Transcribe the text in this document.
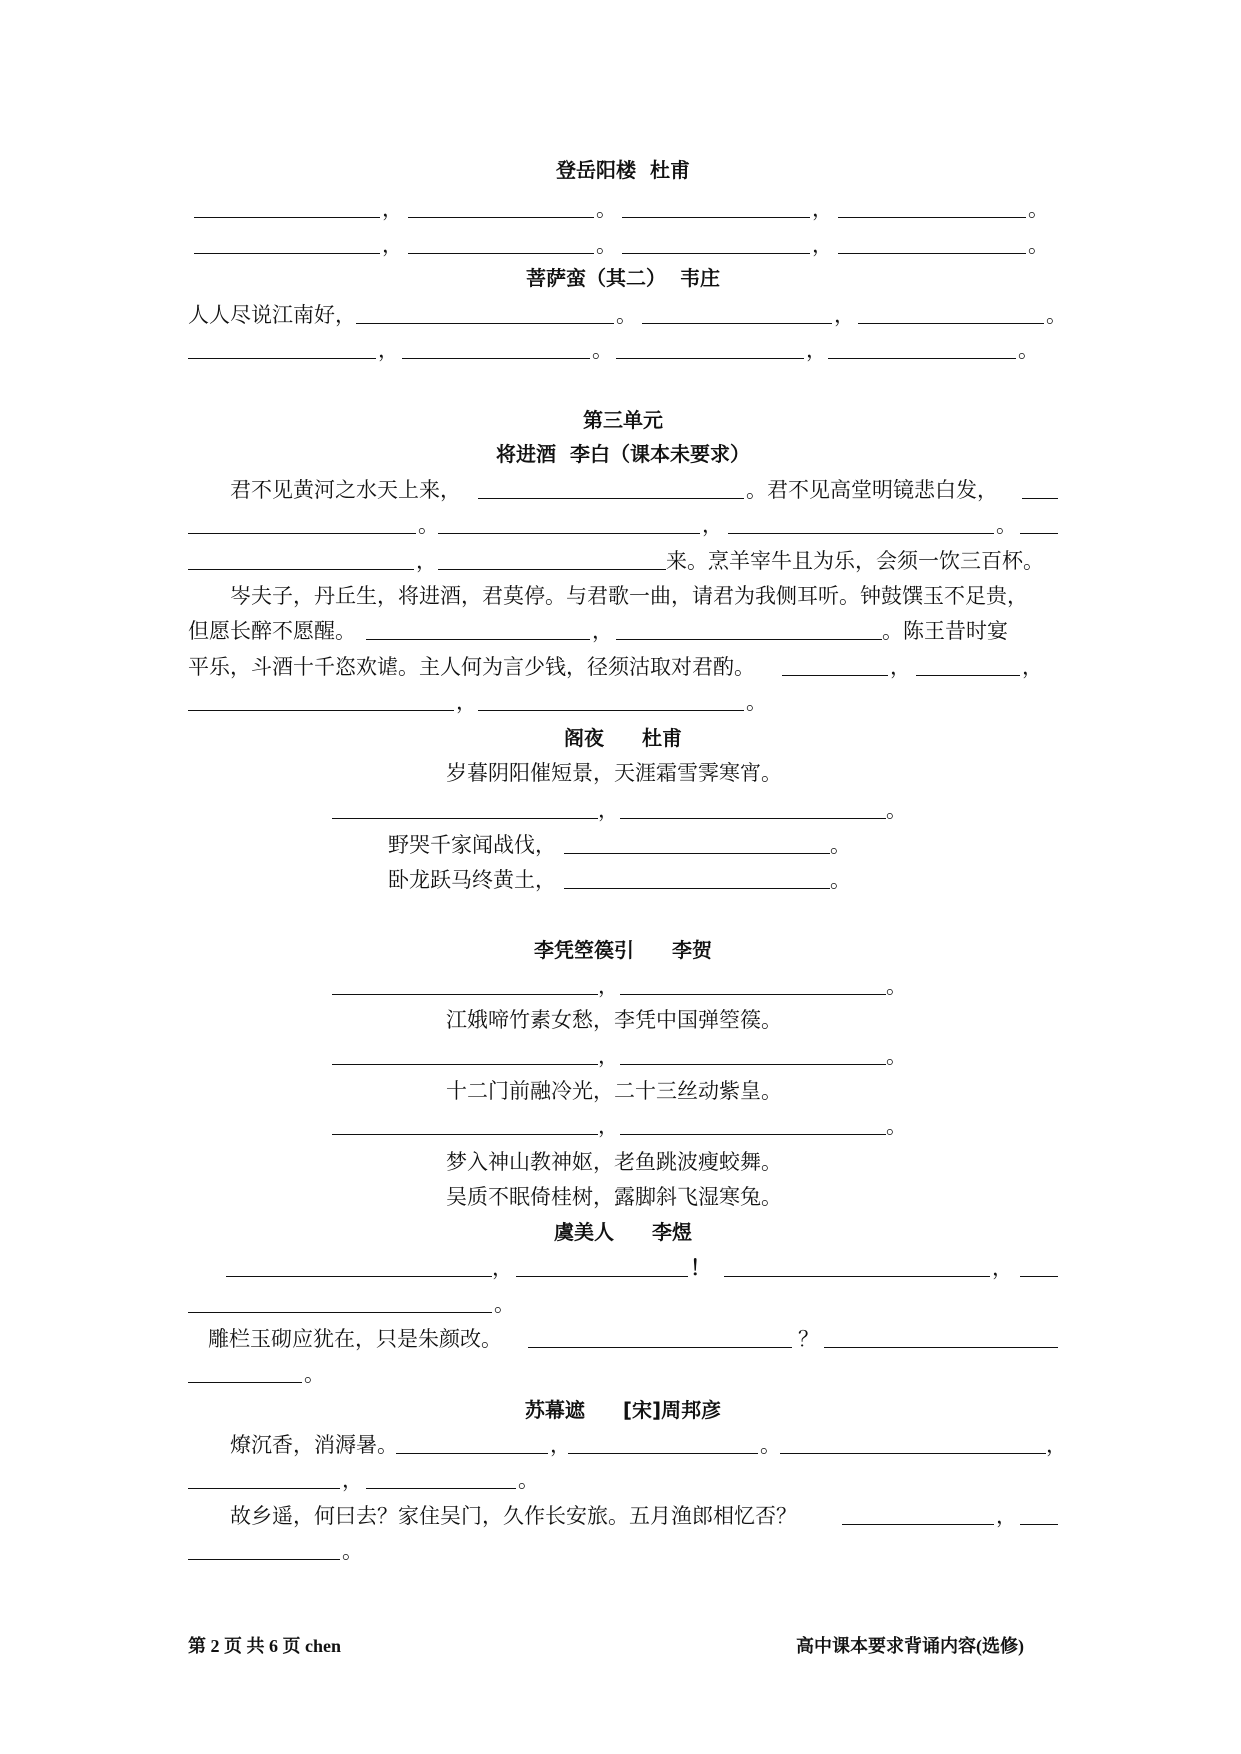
登岳阳楼 杜甫
，	。	，	。
，	。	，	。
菩萨蛮（其二） 韦庄
人人尽说江南好，	。	，	。
，	。	，	。
第三单元
将进酒 李白（课本未要求）
君不见黄河之水天上来，	。君不见高堂明镜悲白发，
。	，	。
，	来。烹羊宰牛且为乐，会须一饮三百杯。
岑夫子，丹丘生，将进酒，君莫停。与君歌一曲，请君为我侧耳听。钟鼓馔玉不足贵，
但愿长醉不愿醒。	，	。陈王昔时宴
平乐，斗酒十千恣欢谑。主人何为言少钱，径须沽取对君酌。	，	，
，	。
阁夜 杜甫
岁暮阴阳催短景，天涯霜雪霁寒宵。
，	。
野哭千家闻战伐，	。
卧龙跃马终黄土，	。
李凭箜篌引 李贺
，	。
江娥啼竹素女愁，李凭中国弹箜篌。
，	。
十二门前融冷光，二十三丝动紫皇。
，	。
梦入神山教神妪，老鱼跳波瘦蛟舞。
吴质不眠倚桂树，露脚斜飞湿寒兔。
虞美人 李煜
，	！	，
。
雕栏玉砌应犹在，只是朱颜改。	？
。
苏幕遮 [宋]周邦彦
燎沉香，消溽暑。	，	。	，
，	。
故乡遥，何曰去？家住吴门，久作长安旅。五月渔郎相忆否？	，
。
第 2 页 共 6 页 chen	高中课本要求背诵内容(选修)
